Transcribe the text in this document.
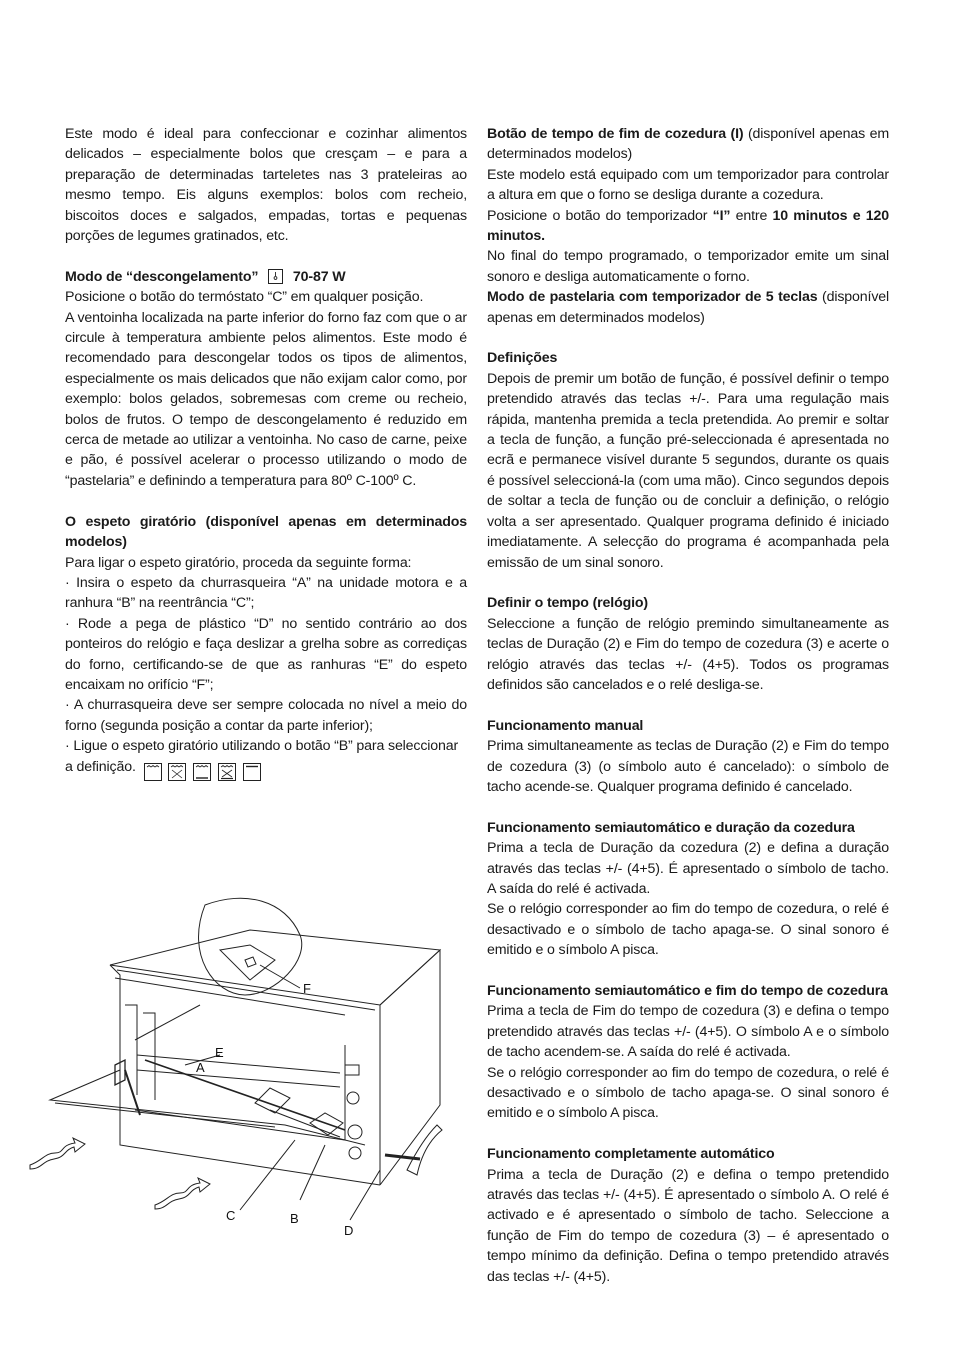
Este modo é ideal para confeccionar e cozinhar alimentos delicados – especialmente bolos que cresçam – e para a preparação de determinadas tarteletes nas 3 prateleiras ao mesmo tempo. Eis alguns exemplos: bolos com recheio, biscoitos doces e salgados, empadas, tortas e pequenas porções de legumes gratinados, etc.

Modo de “descongelamento” 70-87 W

Posicione o botão do termóstato “C” em qualquer posição.

A ventoinha localizada na parte inferior do forno faz com que o ar circule à temperatura ambiente pelos alimentos. Este modo é recomendado para descongelar todos os tipos de alimentos, especialmente os mais delicados que não exijam calor como, por exemplo: bolos gelados, sobremesas com creme ou recheio, bolos de frutos. O tempo de descongelamento é reduzido em cerca de metade ao utilizar a ventoinha. No caso de carne, peixe e pão, é possível acelerar o processo utilizando o modo de “pastelaria” e definindo a temperatura para 80º C-100º C.

O espeto giratório (disponível apenas em determinados modelos)

Para ligar o espeto giratório, proceda da seguinte forma:

· Insira o espeto da churrasqueira “A” na unidade motora e a ranhura “B” na reentrância “C”;

· Rode a pega de plástico “D” no sentido contrário ao dos ponteiros do relógio e faça deslizar a grelha sobre as corrediças do forno, certificando-se de que as ranhuras “E” do espeto encaixam no orifício “F”;

· A churrasqueira deve ser sempre colocada no nível a meio do forno (segunda posição a contar da parte inferior);

· Ligue o espeto giratório utilizando o botão “B” para seleccionar a definição.

C	B
D
E
A
F

Botão de tempo de fim de cozedura (I) (disponível apenas em determinados modelos)

Este modelo está equipado com um temporizador para controlar a altura em que o forno se desliga durante a cozedura.

Posicione o botão do temporizador “I” entre 10 minutos e 120 minutos.

No final do tempo programado, o temporizador emite um sinal sonoro e desliga automaticamente o forno.

Modo de pastelaria com temporizador de 5 teclas (disponível apenas em determinados modelos)

Definições

Depois de premir um botão de função, é possível definir o tempo pretendido através das teclas +/-. Para uma regulação mais rápida, mantenha premida a tecla pretendida. Ao premir e soltar a tecla de função, a função pré-seleccionada é apresentada no ecrã e permanece visível durante 5 segundos, durante os quais é possível seleccioná-la (com uma mão). Cinco segundos depois de soltar a tecla de função ou de concluir a definição, o relógio volta a ser apresentado. Qualquer programa definido é iniciado imediatamente. A selecção do programa é acompanhada pela emissão de um sinal sonoro.

Definir o tempo (relógio)

Seleccione a função de relógio premindo simultaneamente as teclas de Duração (2) e Fim do tempo de cozedura (3) e acerte o relógio através das teclas +/- (4+5). Todos os programas definidos são cancelados e o relé desliga-se.

Funcionamento manual

Prima simultaneamente as teclas de Duração (2) e Fim do tempo de cozedura (3) (o símbolo auto é cancelado): o símbolo de tacho acende-se. Qualquer programa definido é cancelado.

Funcionamento semiautomático e duração da cozedura

Prima a tecla de Duração da cozedura (2) e defina a duração através das teclas +/- (4+5). É apresentado o símbolo de tacho. A saída do relé é activada.

Se o relógio corresponder ao fim do tempo de cozedura, o relé é desactivado e o símbolo de tacho apaga-se. O sinal sonoro é emitido e o símbolo A pisca.

Funcionamento semiautomático e fim do tempo de cozedura

Prima a tecla de Fim do tempo de cozedura (3) e defina o tempo pretendido através das teclas +/- (4+5). O símbolo A e o símbolo de tacho acendem-se. A saída do relé é activada.

Se o relógio corresponder ao fim do tempo de cozedura, o relé é desactivado e o símbolo de tacho apaga-se. O sinal sonoro é emitido e o símbolo A pisca.

Funcionamento completamente automático

Prima a tecla de Duração (2) e defina o tempo pretendido através das teclas +/- (4+5). É apresentado o símbolo A. O relé é activado e é apresentado o símbolo de tacho. Seleccione a função de Fim do tempo de cozedura (3) – é apresentado o tempo mínimo da definição. Defina o tempo pretendido através das teclas +/- (4+5).
